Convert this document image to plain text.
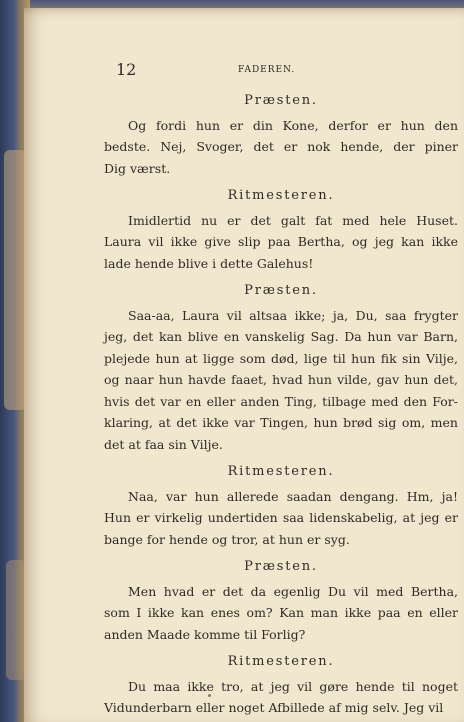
12	FADEREN.
Præsten.
Og fordi hun er din Kone, derfor er hun den
bedste. Nej, Svoger, det er nok hende, der piner
Dig værst.
Ritmesteren.
Imidlertid nu er det galt fat med hele Huset.
Laura vil ikke give slip paa Bertha, og jeg kan ikke
lade hende blive i dette Galehus!
Præsten.
Saa-aa, Laura vil altsaa ikke; ja, Du, saa frygter
jeg, det kan blive en vanskelig Sag. Da hun var Barn,
plejede hun at ligge som død, lige til hun fik sin Vilje,
og naar hun havde faaet, hvad hun vilde, gav hun det,
hvis det var en eller anden Ting, tilbage med den For-
klaring, at det ikke var Tingen, hun brød sig om, men
det at faa sin Vilje.
Ritmesteren.
Naa, var hun allerede saadan dengang. Hm, ja!
Hun er virkelig undertiden saa lidenskabelig, at jeg er
bange for hende og tror, at hun er syg.
Præsten.
Men hvad er det da egenlig Du vil med Bertha,
som I ikke kan enes om? Kan man ikke paa en eller
anden Maade komme til Forlig?
Ritmesteren.
Du maa ikke tro, at jeg vil gøre hende til noget
Vidunderbarn eller noget Afbillede af mig selv. Jeg vil
